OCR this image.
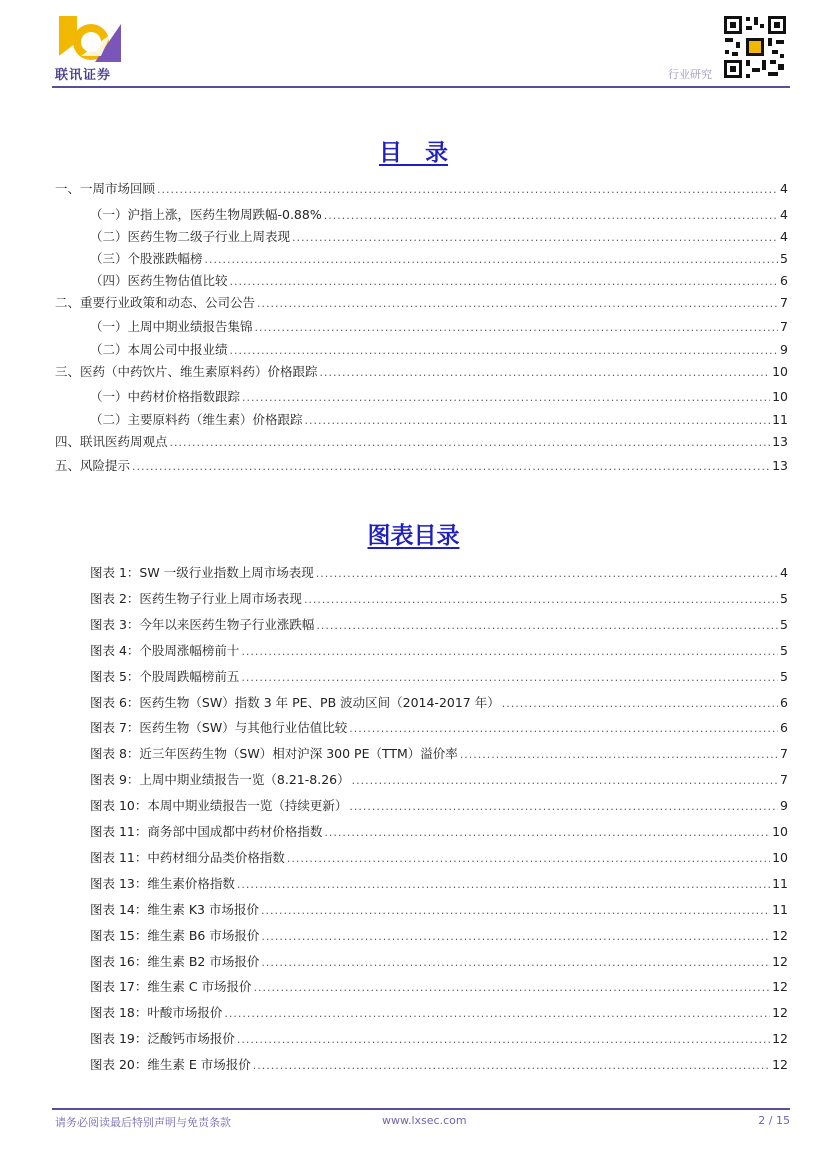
联讯证券	行业研究
目　录
一、一周市场回顾 .....	4
（一）沪指上涨，医药生物周跌幅-0.88% .....	4
（二）医药生物二级子行业上周表现 .....	4
（三）个股涨跌幅榜 .....	5
（四）医药生物估值比较 .....	6
二、重要行业政策和动态、公司公告 .....	7
（一）上周中期业绩报告集锦 .....	7
（二）本周公司中报业绩 .....	9
三、医药（中药饮片、维生素原料药）价格跟踪 .....	10
（一）中药材价格指数跟踪 .....	10
（二）主要原料药（维生素）价格跟踪 .....	11
四、联讯医药周观点 .....	13
五、风险提示 .....	13
图表目录
图表 1：SW 一级行业指数上周市场表现 .....	4
图表 2：医药生物子行业上周市场表现 .....	5
图表 3：今年以来医药生物子行业涨跌幅 .....	5
图表 4：个股周涨幅榜前十 .....	5
图表 5：个股周跌幅榜前五 .....	5
图表 6：医药生物（SW）指数 3 年 PE、PB 波动区间（2014-2017 年） .....	6
图表 7：医药生物（SW）与其他行业估值比较 .....	6
图表 8：近三年医药生物（SW）相对沪深 300 PE（TTM）溢价率 .....	7
图表 9：上周中期业绩报告一览（8.21-8.26） .....	7
图表 10：本周中期业绩报告一览（持续更新） .....	9
图表 11：商务部中国成都中药材价格指数 .....	10
图表 11：中药材细分品类价格指数 .....	10
图表 13：维生素价格指数 .....	11
图表 14：维生素 K3 市场报价 .....	11
图表 15：维生素 B6 市场报价 .....	12
图表 16：维生素 B2 市场报价 .....	12
图表 17：维生素 C 市场报价 .....	12
图表 18：叶酸市场报价 .....	12
图表 19：泛酸钙市场报价 .....	12
图表 20：维生素 E 市场报价 .....	12
请务必阅读最后特别声明与免责条款	www.lxsec.com	2 / 15
